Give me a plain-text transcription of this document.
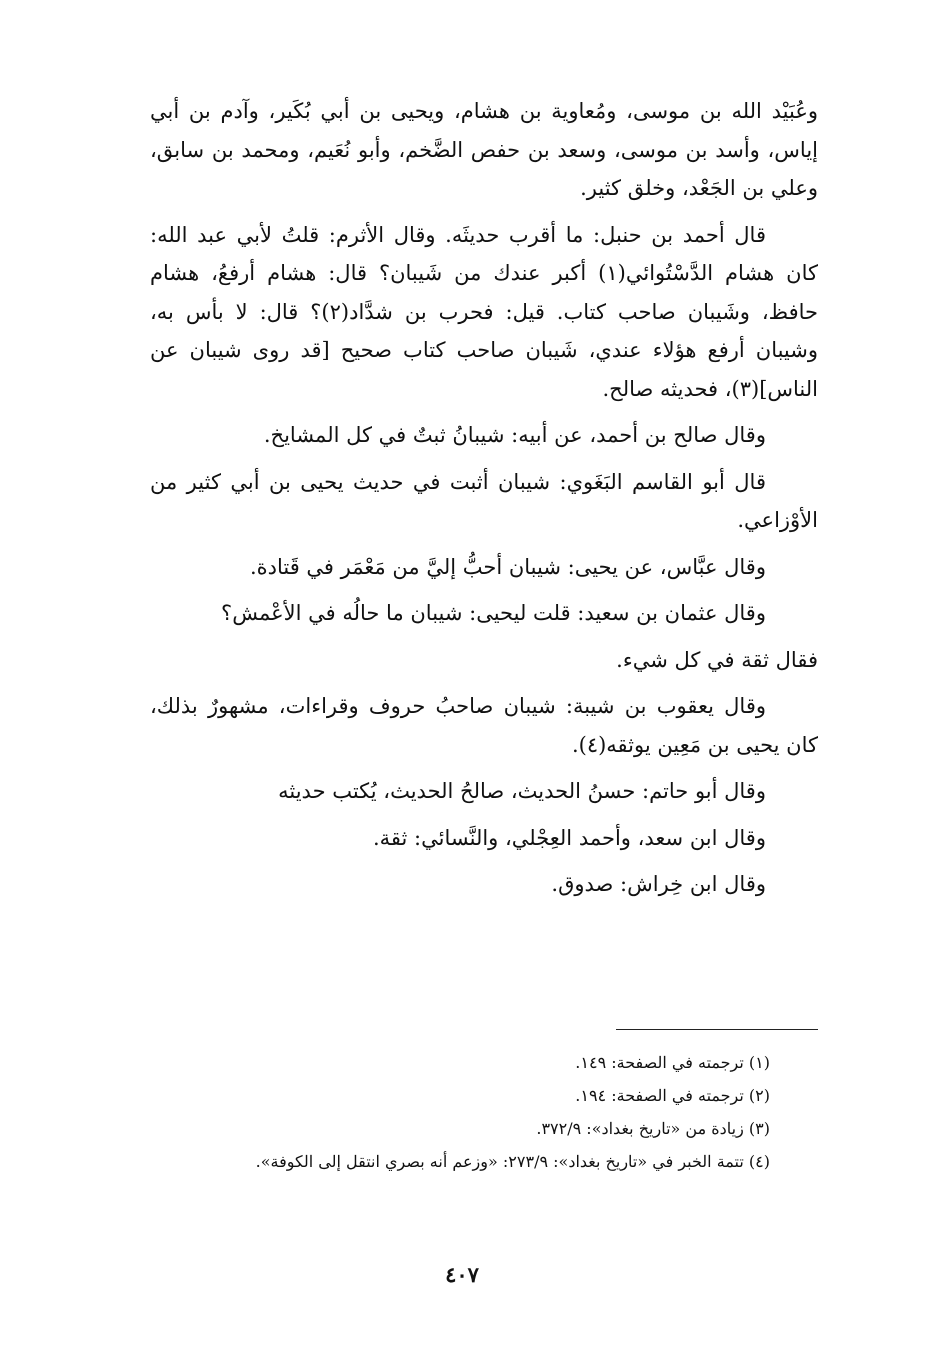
وعُبَيْد الله بن موسى، ومُعاوية بن هشام، ويحيى بن أبي بُكَير، وآدم بن أبي إياس، وأسد بن موسى، وسعد بن حفص الضَّخم، وأبو نُعَيم، ومحمد بن سابق، وعلي بن الجَعْد، وخلق كثير.

قال أحمد بن حنبل: ما أقرب حديثَه. وقال الأثرم: قلتُ لأبي عبد الله: كان هشام الدَّسْتُوائي(١) أكبر عندك من شَيبان؟ قال: هشام أرفعُ، هشام حافظ، وشَيبان صاحب كتاب. قيل: فحرب بن شدَّاد(٢)؟ قال: لا بأس به، وشيبان أرفع هؤلاء عندي، شَيبان صاحب كتاب صحيح [قد روى شيبان عن الناس](٣)، فحديثه صالح.

وقال صالح بن أحمد، عن أبيه: شيبانُ ثبتٌ في كل المشايخ.

قال أبو القاسم البَغَوي: شيبان أثبت في حديث يحيى بن أبي كثير من الأوْزاعي.

وقال عبَّاس، عن يحيى: شيبان أحبُّ إليَّ من مَعْمَر في قَتادة.

وقال عثمان بن سعيد: قلت ليحيى: شيبان ما حالُه في الأعْمش؟

فقال ثقة في كل شيء.

وقال يعقوب بن شيبة: شيبان صاحبُ حروف وقراءات، مشهورٌ بذلك، كان يحيى بن مَعِين يوثقه(٤).

وقال أبو حاتم: حسنُ الحديث، صالحُ الحديث، يُكتب حديثه

وقال ابن سعد، وأحمد العِجْلي، والنَّسائي: ثقة.

وقال ابن خِراش: صدوق.

(١) ترجمته في الصفحة: ١٤٩.
(٢) ترجمته في الصفحة: ١٩٤.
(٣) زيادة من «تاريخ بغداد»: ٣٧٢/٩.
(٤) تتمة الخبر في «تاريخ بغداد»: ٢٧٣/٩: «وزعم أنه بصري انتقل إلى الكوفة».
٤٠٧
